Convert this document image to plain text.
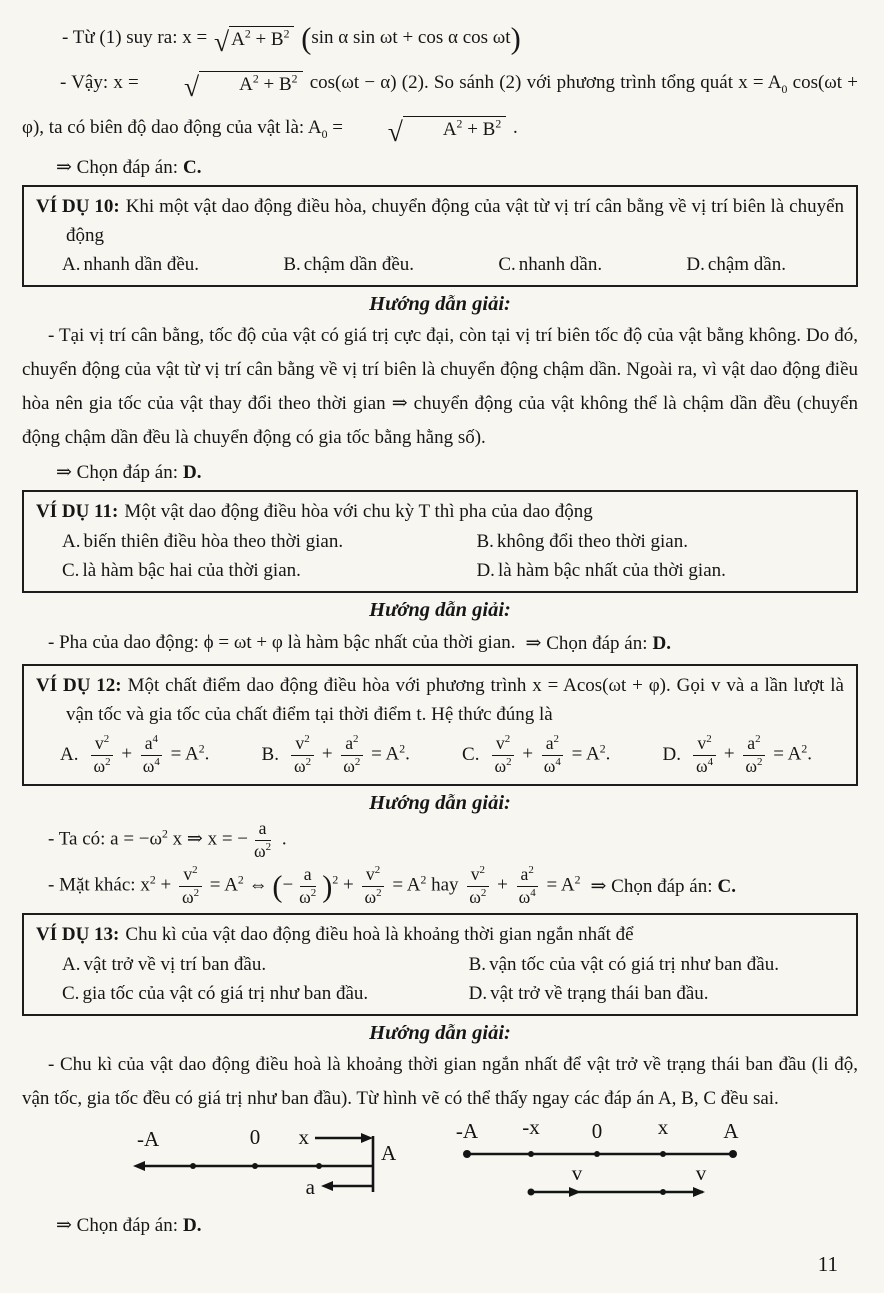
- Từ (1) suy ra: x = √ $A^2 + B^2$ (sin α sin ωt + cos α cos ωt)
- Vậy: x =	√	$A^2 + B^2$ cos(ωt − α) (2). So sánh (2) với phương trình tổng quát $x = A_0$ cos(ωt + φ), ta có biên độ dao động của vật là: $A_0$ =	√	$A^2 + B^2$ .
⇒ Chọn đáp án: C.
VÍ DỤ 10: Khi một vật dao động điều hòa, chuyển động của vật từ vị trí cân bằng về vị trí biên là chuyển động
A. nhanh dần đều.	B. chậm dần đều.	C. nhanh dần.	D. chậm dần.
Hướng dẫn giải:
- Tại vị trí cân bằng, tốc độ của vật có giá trị cực đại, còn tại vị trí biên tốc độ của vật bằng không. Do đó, chuyển động của vật từ vị trí cân bằng về vị trí biên là chuyển động chậm dần. Ngoài ra, vì vật dao động điều hòa nên gia tốc của vật thay đổi theo thời gian ⇒ chuyển động của vật không thể là chậm dần đều (chuyển động chậm dần đều là chuyển động có gia tốc bằng hằng số).
⇒ Chọn đáp án: D.
VÍ DỤ 11: Một vật dao động điều hòa với chu kỳ T thì pha của dao động
A. biến thiên điều hòa theo thời gian.	B. không đổi theo thời gian.
C. là hàm bậc hai của thời gian.	D. là hàm bậc nhất của thời gian.
Hướng dẫn giải:
- Pha của dao động: ϕ = ωt + φ là hàm bậc nhất của thời gian. ⇒ Chọn đáp án: D.
VÍ DỤ 12: Một chất điểm dao động điều hòa với phương trình x = Acos(ωt + φ). Gọi v và a lần lượt là vận tốc và gia tốc của chất điểm tại thời điểm t. Hệ thức đúng là
A. $\frac{v^2}{\omega^2} + \frac{a^4}{\omega^4} = A^2$.	B. $\frac{v^2}{\omega^2} + \frac{a^2}{\omega^2} = A^2$.	C. $\frac{v^2}{\omega^2} + \frac{a^2}{\omega^4} = A^2$.	D. $\frac{v^2}{\omega^4} + \frac{a^2}{\omega^2} = A^2$.
Hướng dẫn giải:
- Ta có: $a = -\omega^2$ x ⇒ x = − $\frac{a}{\omega^2}$ .
- Mặt khác: $x^2 + \frac{v^2}{\omega^2} = A^2$ ⇔ (− $\frac{a}{\omega^2} )^2 + \frac{v^2}{\omega^2} = A^2$ hay $\frac{v^2}{\omega^2} + \frac{a^2}{\omega^4} = A^2$ ⇒ Chọn đáp án: C.
VÍ DỤ 13: Chu kì của vật dao động điều hoà là khoảng thời gian ngắn nhất để
A. vật trở về vị trí ban đầu.	B. vận tốc của vật có giá trị như ban đầu.
C. gia tốc của vật có giá trị như ban đầu.	D. vật trở về trạng thái ban đầu.
Hướng dẫn giải:
- Chu kì của vật dao động điều hoà là khoảng thời gian ngắn nhất để vật trở về trạng thái ban đầu (li độ, vận tốc, gia tốc đều có giá trị như ban đầu). Từ hình vẽ có thể thấy ngay các đáp án A, B, C đều sai.
-A	0 x
A
a
-A -x 0	x	A
v	v
⇒ Chọn đáp án: D.
11
